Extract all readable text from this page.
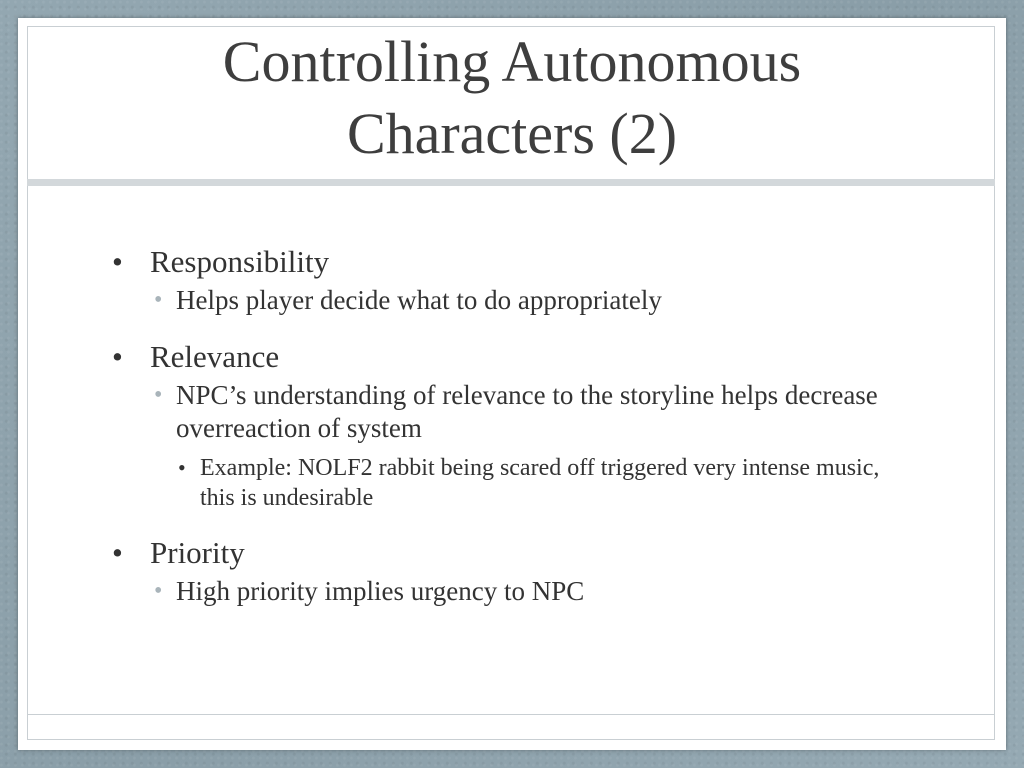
Controlling Autonomous Characters (2)
• Responsibility
• Helps player decide what to do appropriately
• Relevance
• NPC’s understanding of relevance to the storyline helps decrease overreaction of system
• Example: NOLF2 rabbit being scared off triggered very intense music, this is undesirable
• Priority
• High priority implies urgency to NPC
